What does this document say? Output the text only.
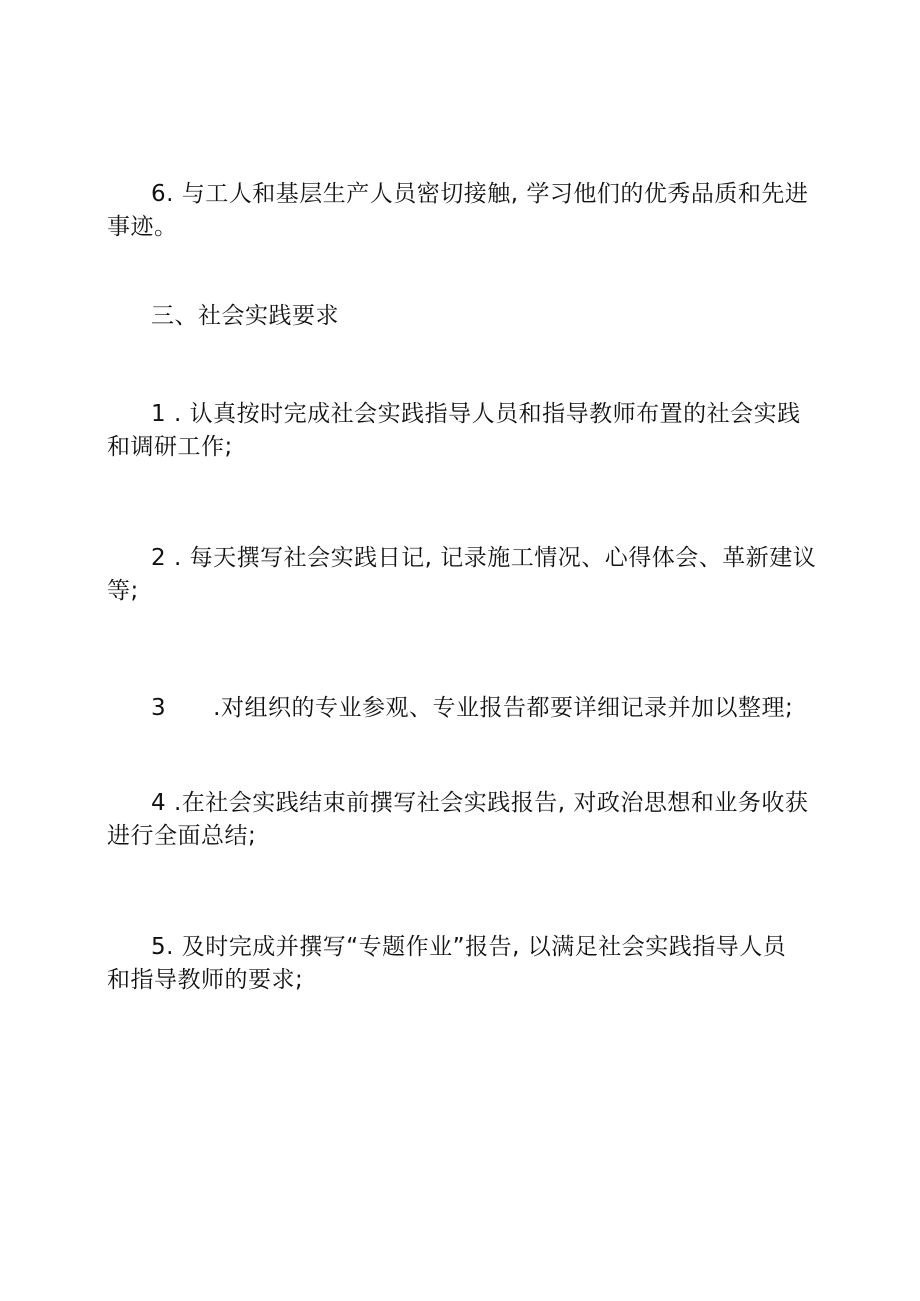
6. 与工人和基层生产人员密切接触, 学习他们的优秀品质和先进
事迹。

三、社会实践要求

1 . 认真按时完成社会实践指导人员和指导教师布置的社会实践
和调研工作;

2 . 每天撰写社会实践日记, 记录施工情况、心得体会、革新建议
等;

3　　.对组织的专业参观、专业报告都要详细记录并加以整理;

4 .在社会实践结束前撰写社会实践报告, 对政治思想和业务收获
进行全面总结;

5. 及时完成并撰写“专题作业”报告, 以满足社会实践指导人员
和指导教师的要求;
